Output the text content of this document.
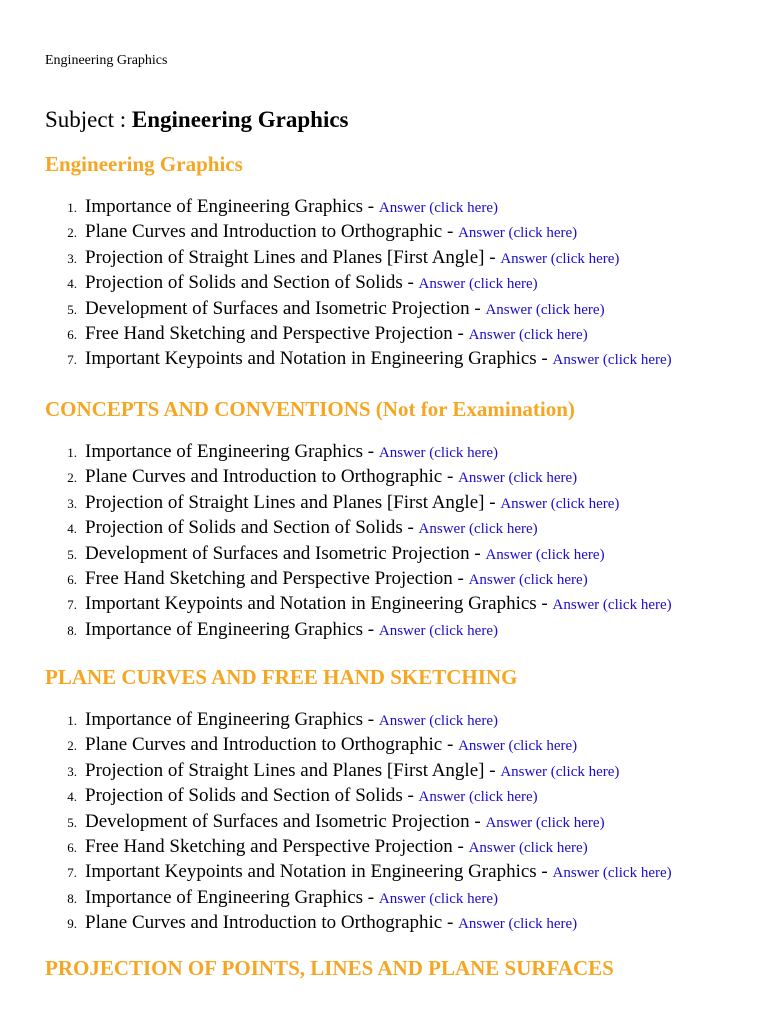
Engineering Graphics
Subject : Engineering Graphics
Engineering Graphics
1. Importance of Engineering Graphics - Answer (click here)
2. Plane Curves and Introduction to Orthographic - Answer (click here)
3. Projection of Straight Lines and Planes [First Angle] - Answer (click here)
4. Projection of Solids and Section of Solids - Answer (click here)
5. Development of Surfaces and Isometric Projection - Answer (click here)
6. Free Hand Sketching and Perspective Projection - Answer (click here)
7. Important Keypoints and Notation in Engineering Graphics - Answer (click here)
CONCEPTS AND CONVENTIONS (Not for Examination)
1. Importance of Engineering Graphics - Answer (click here)
2. Plane Curves and Introduction to Orthographic - Answer (click here)
3. Projection of Straight Lines and Planes [First Angle] - Answer (click here)
4. Projection of Solids and Section of Solids - Answer (click here)
5. Development of Surfaces and Isometric Projection - Answer (click here)
6. Free Hand Sketching and Perspective Projection - Answer (click here)
7. Important Keypoints and Notation in Engineering Graphics - Answer (click here)
8. Importance of Engineering Graphics - Answer (click here)
PLANE CURVES AND FREE HAND SKETCHING
1. Importance of Engineering Graphics - Answer (click here)
2. Plane Curves and Introduction to Orthographic - Answer (click here)
3. Projection of Straight Lines and Planes [First Angle] - Answer (click here)
4. Projection of Solids and Section of Solids - Answer (click here)
5. Development of Surfaces and Isometric Projection - Answer (click here)
6. Free Hand Sketching and Perspective Projection - Answer (click here)
7. Important Keypoints and Notation in Engineering Graphics - Answer (click here)
8. Importance of Engineering Graphics - Answer (click here)
9. Plane Curves and Introduction to Orthographic - Answer (click here)
PROJECTION OF POINTS, LINES AND PLANE SURFACES
